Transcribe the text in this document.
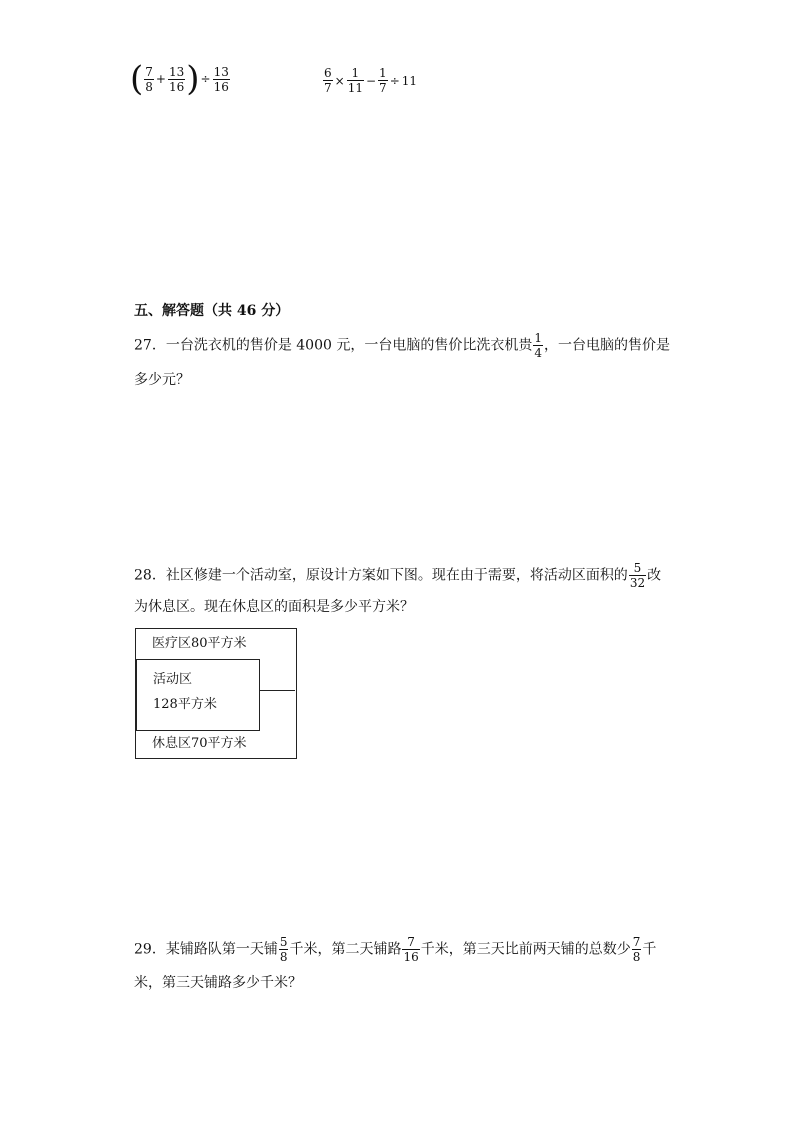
( $\frac{7}{8} + \frac{13}{16}$ )÷ $\frac{13}{16}$	$\frac{6}{7} \times \frac{1}{11} - \frac{1}{7} \div 11$
五、解答题（共 46 分）
27．一台洗衣机的售价是 4000 元，一台电脑的售价比洗衣机贵 $\frac{1}{4}$ ，一台电脑的售价是
多少元？
28．社区修建一个活动室，原设计方案如下图。现在由于需要，将活动区面积的 $\frac{5}{32}$ 改
为休息区。现在休息区的面积是多少平方米？
医疗区80平方米
活动区
128平方米
休息区70平方米
29．某铺路队第一天铺 $\frac{5}{8}$ 千米，第二天铺路 $\frac{7}{16}$ 千米，第三天比前两天铺的总数少 $\frac{7}{8}$ 千
米，第三天铺路多少千米？
